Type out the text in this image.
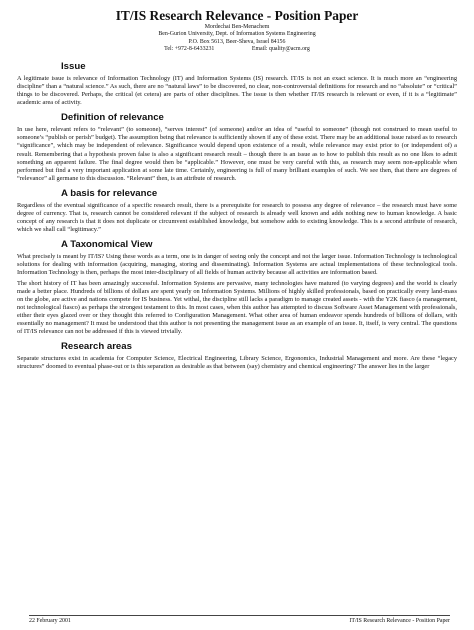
IT/IS Research Relevance - Position Paper
Mordechai Ben-Menachem
Ben-Gurion University, Dept. of Information Systems Engineering
P.O. Box 5613, Beer-Sheva, Israel 84156
Tel: +972-8-6433231	Email: quality@acm.org
Issue

A legitimate issue is relevance of Information Technology (IT) and Information Systems (IS) research. IT/IS is not an exact science. It is much more an “engineering discipline” than a “natural science.” As such, there are no “natural laws” to be discovered, no clear, non-controversial definitions for research and no “absolute” or “critical” things to be discovered. Perhaps, the critical (et cetera) are parts of other disciplines. The issue is then whether IT/IS research is relevant or even, if it is a “legitimate” academic area of activity.

Definition of relevance

In use here, relevant refers to “relevant” (to someone), “serves interest” (of someone) and/or an idea of “useful to someone” (though not construed to mean useful to someone’s “publish or perish” budget). The assumption being that relevance is sufficiently shown if any of these exist. There may be an additional issue raised as to research “significance”, which may be independent of relevance. Significance would depend upon existence of a result, while relevance may exist prior to (or independent of) a result. Remembering that a hypothesis proven false is also a significant research result – though there is an issue as to how to publish this result as no one likes to admit something an apparent failure. The final degree would then be “applicable.” However, one must be very careful with this, as research may seem non-applicable when performed but find a very important application at some late time. Certainly, engineering is full of many brilliant examples of such. We see then, that there are degrees of “relevance” all germane to this discussion. “Relevant” then, is an attribute of research.

A basis for relevance

Regardless of the eventual significance of a specific research result, there is a prerequisite for research to possess any degree of relevance – the research must have some degree of currency. That is, research cannot be considered relevant if the subject of research is already well known and adds nothing new to human knowledge. A basic concept of any research is that it does not duplicate or circumvent established knowledge, but somehow adds to existing knowledge. This is a second attribute of research, which we shall call “legitimacy.”

A Taxonomical View

What precisely is meant by IT/IS? Using these words as a term, one is in danger of seeing only the concept and not the larger issue. Information Technology is technological solutions for dealing with information (acquiring, managing, storing and disseminating). Information Systems are actual implementations of these technological tools. Information Technology is then, perhaps the most inter-disciplinary of all fields of human activity because all activities are information based.

The short history of IT has been amazingly successful. Information Systems are pervasive, many technologies have matured (to varying degrees) and the world is clearly made a better place. Hundreds of billions of dollars are spent yearly on Information Systems. Millions of highly skilled professionals, based on practically every land-mass on the globe, are active and nations compete for IS business. Yet withal, the discipline still lacks a paradigm to manage created assets - with the Y2K fiasco (a management, not technological fiasco) as perhaps the strongest testament to this. In most cases, when this author has attempted to discuss Software Asset Management with professionals, either their eyes glazed over or they thought this referred to Configuration Management. What other area of human endeavor spends hundreds of billions of dollars, with essentially no management? It must be understood that this author is not presenting the management issue as an example of an issue. It, itself, is very central. The questions of IT/IS relevance can not be addressed if this is viewed trivially.

Research areas

Separate structures exist in academia for Computer Science, Electrical Engineering, Library Science, Ergonomics, Industrial Management and more. Are these “legacy structures” doomed to eventual phase-out or is this separation as desirable as that between (say) chemistry and chemical engineering? The answer lies in the larger

22 February 2001	IT/IS Research Relevance - Position Paper
